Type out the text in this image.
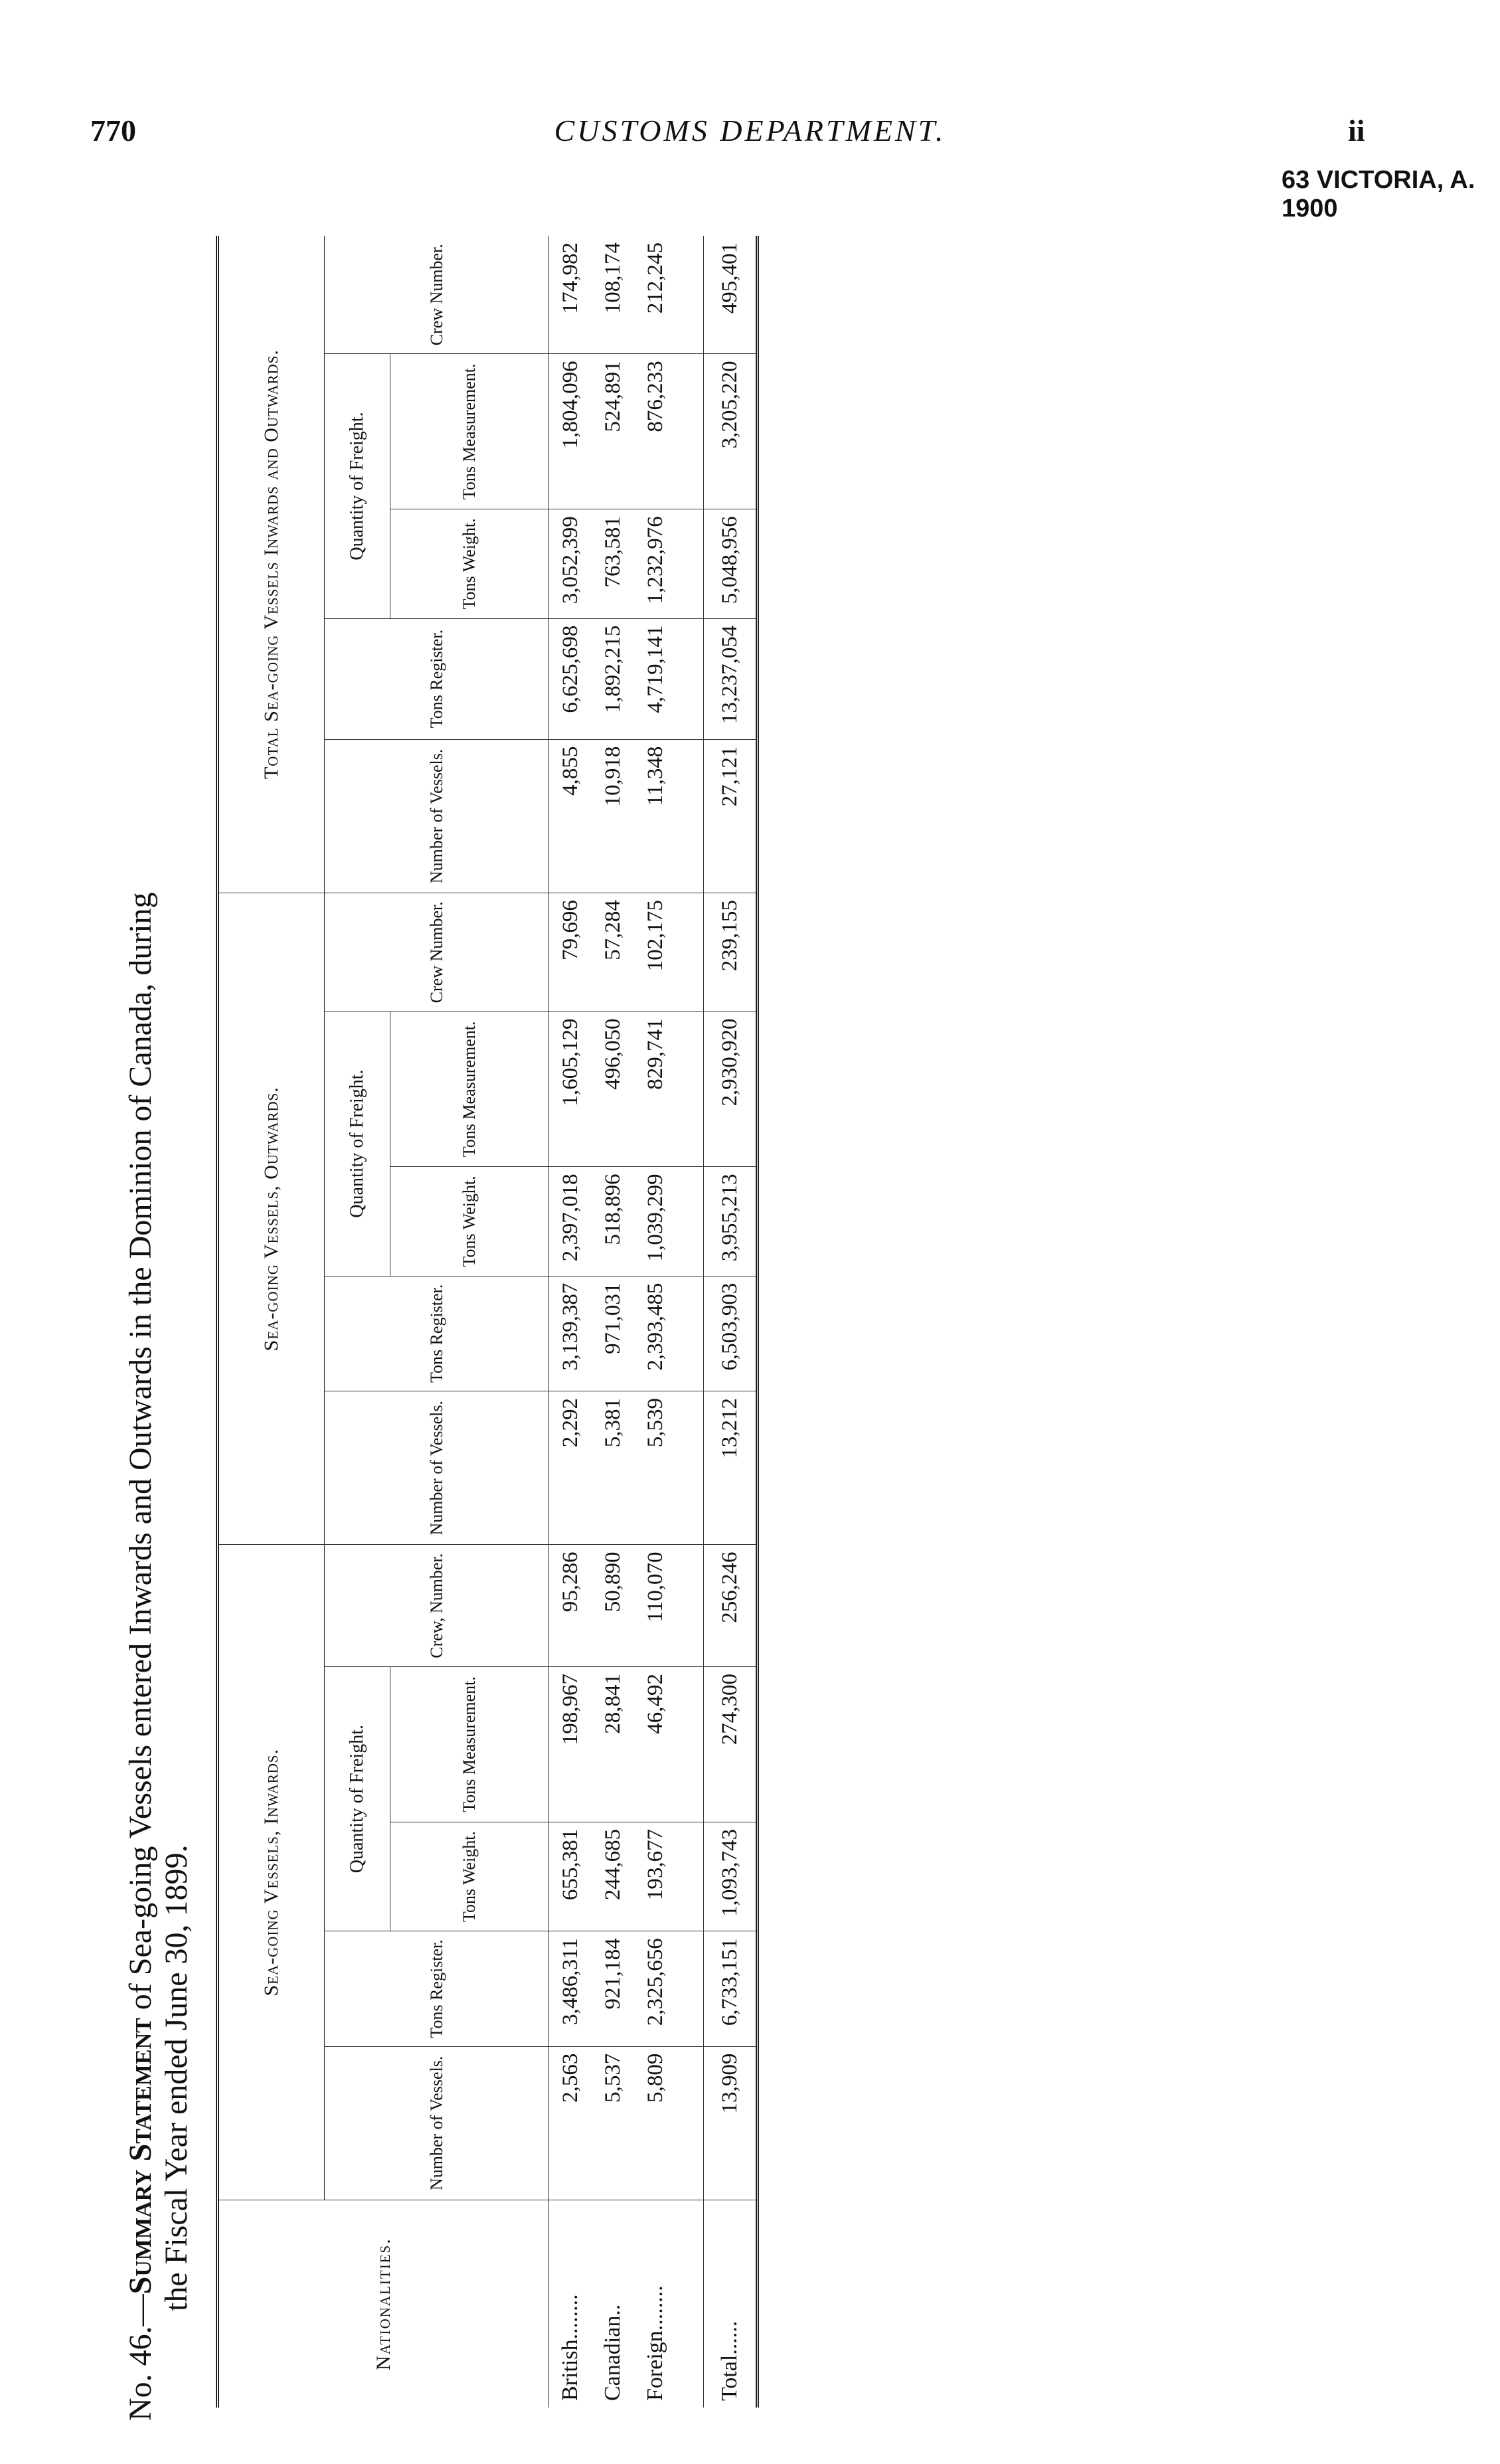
770	CUSTOMS DEPARTMENT.	ii
63 VICTORIA, A. 1900
No. 46.—Summary Statement of Sea-going Vessels entered Inwards and Outwards in the Dominion of Canada, during
the Fiscal Year ended June 30, 1899.	Nationalities.	Sea-going Vessels, Inwards.					Sea-going Vessels, Outwards.					Total Sea-going Vessels Inwards and Outwards.				
	Number of Vessels.	Tons Register.	Quantity of Freight.		Crew, Number.	Number of Vessels.	Tons Register.	Quantity of Freight.		Crew Number.	Number of Vessels.	Tons Register.	Quantity of Freight.		Crew Number.
			Tons Weight.	Tons Measurement.				Tons Weight.	Tons Measurement.				Tons Weight.	Tons Measurement.	
British........	2,563	3,486,311	655,381	198,967	95,286	2,292	3,139,387	2,397,018	1,605,129	79,696	4,855	6,625,698	3,052,399	1,804,096	174,982
Canadian..	5,537	921,184	244,685	28,841	50,890	5,381	971,031	518,896	496,050	57,284	10,918	1,892,215	763,581	524,891	108,174
Foreign........	5,809	2,325,656	193,677	46,492	110,070	5,539	2,393,485	1,039,299	829,741	102,175	11,348	4,719,141	1,232,976	876,233	212,245

Total......	13,909	6,733,151	1,093,743	274,300	256,246	13,212	6,503,903	3,955,213	2,930,920	239,155	27,121	13,237,054	5,048,956	3,205,220	495,401
